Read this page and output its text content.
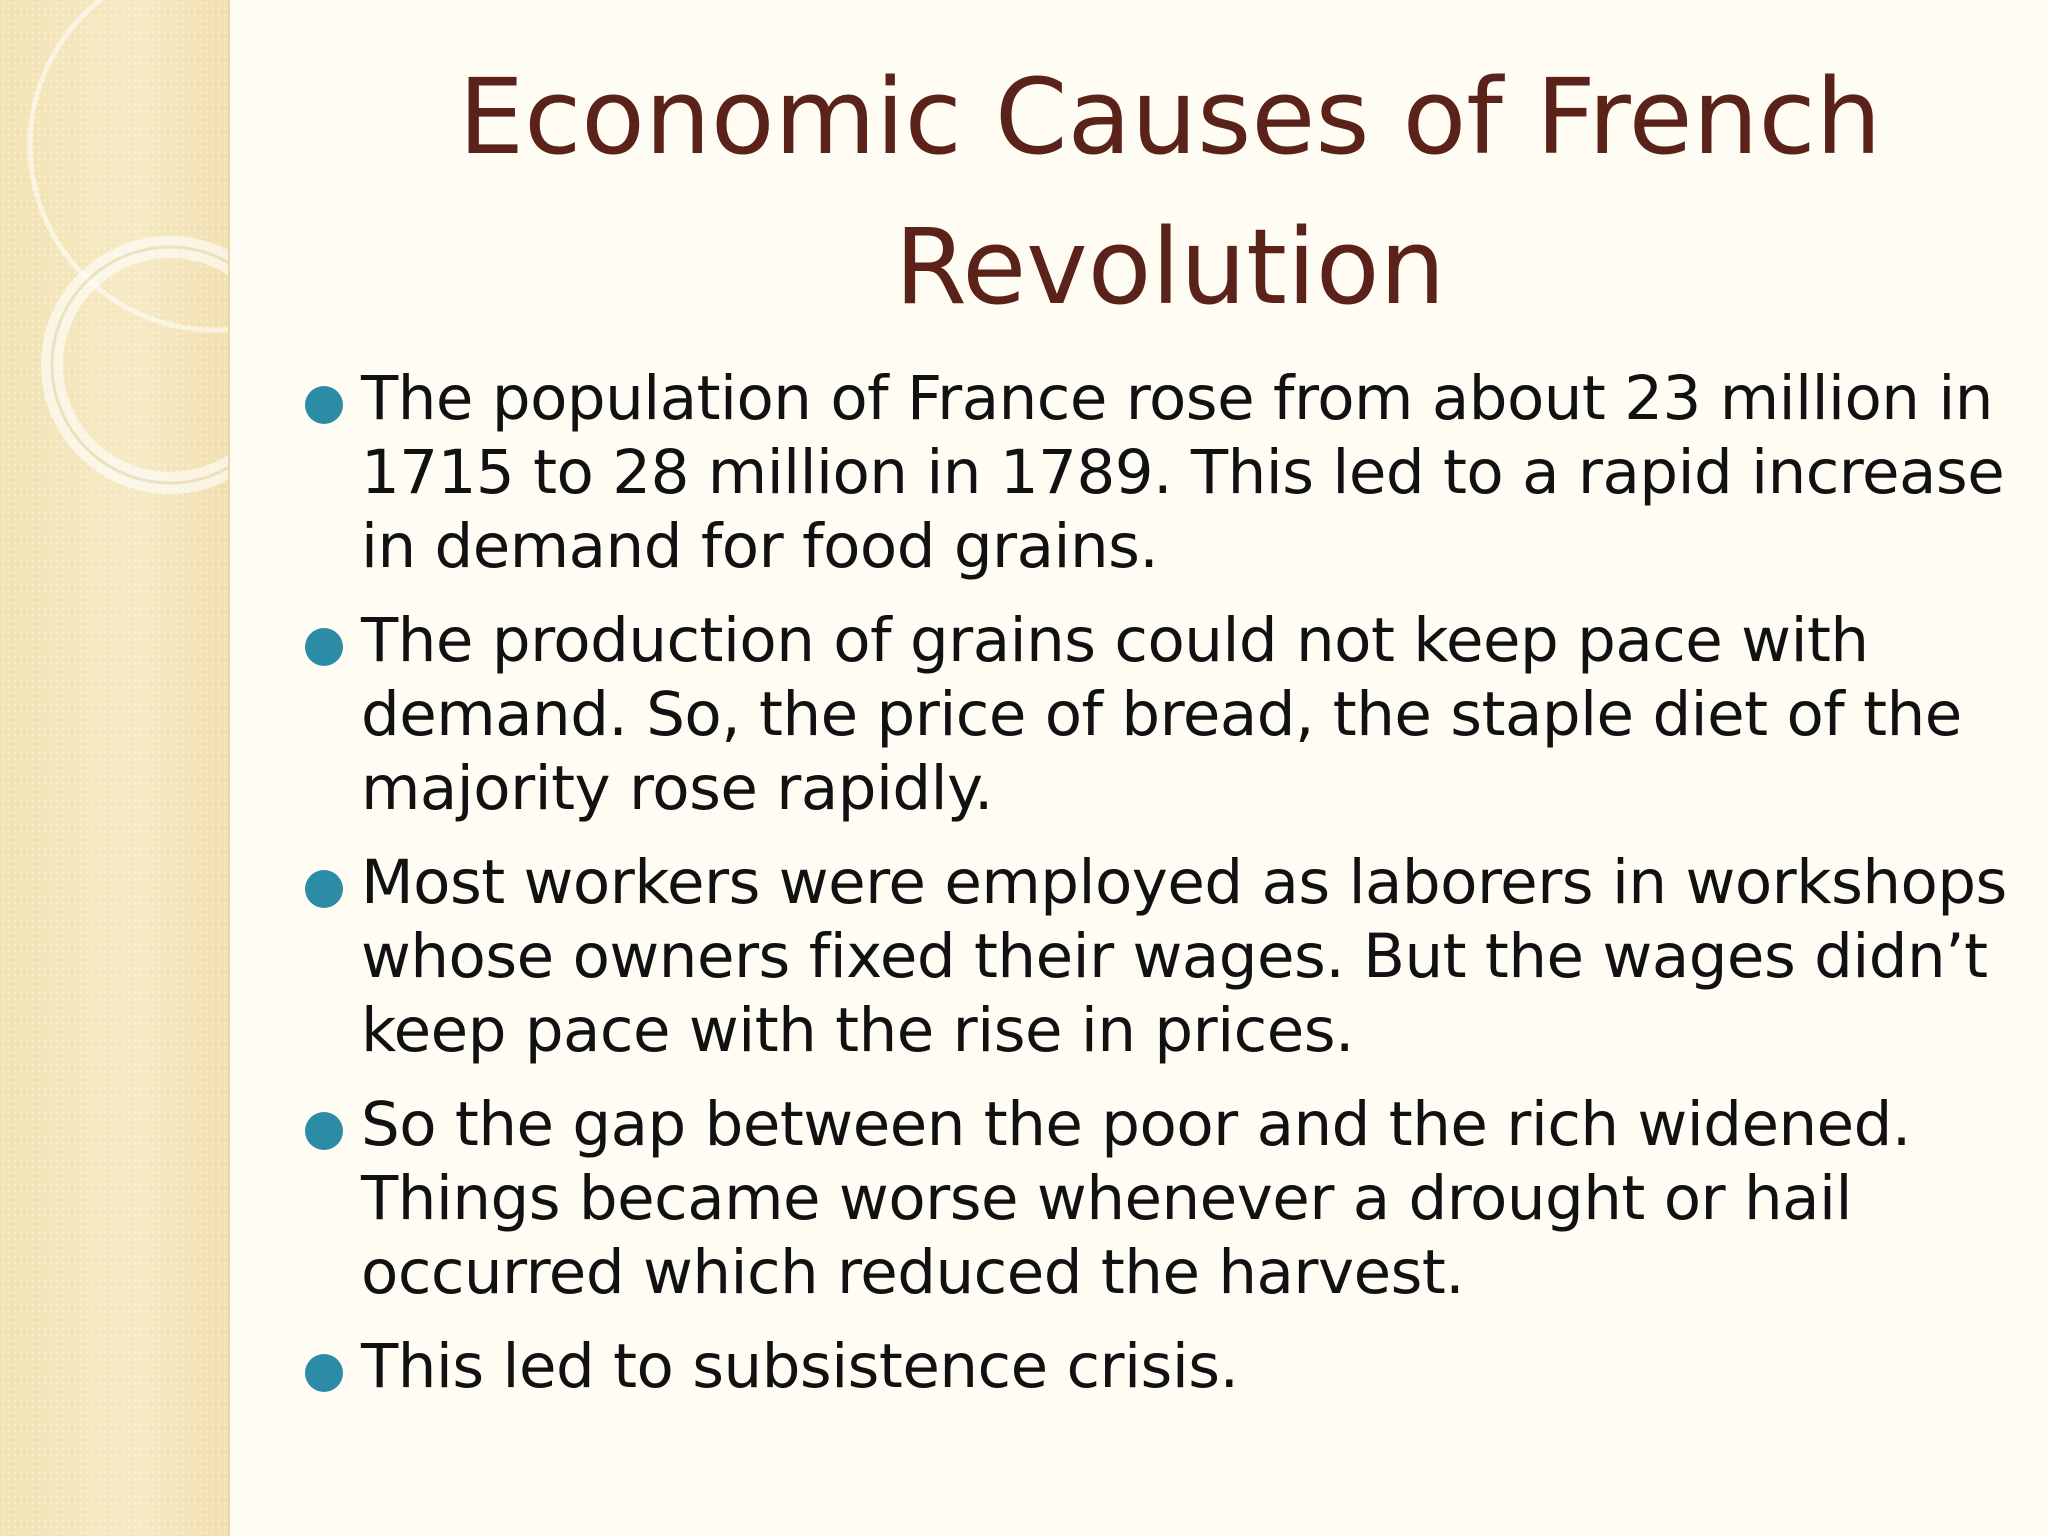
Economic Causes of French Revolution
The population of France rose from about 23 million in 1715 to 28 million in 1789. This led to a rapid increase in demand for food grains.
The production of grains could not keep pace with demand. So, the price of bread, the staple diet of the majority rose rapidly.
Most workers were employed as laborers in workshops whose owners fixed their wages. But the wages didn’t keep pace with the rise in prices.
So the gap between the poor and the rich widened. Things became worse whenever a drought or hail occurred which reduced the harvest.
This led to subsistence crisis.
